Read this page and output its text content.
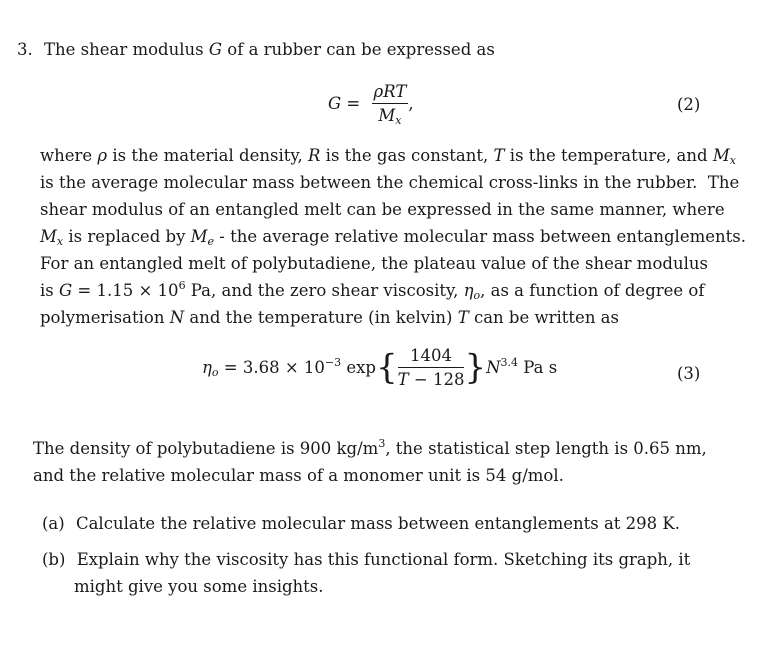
3. The shear modulus G of a rubber can be expressed as
$G = \frac{\text{ρRT}}{M_x}$ ,	(2)
where ρ is the material density, R is the gas constant, T is the temperature, and $M_x$
is the average molecular mass between the chemical cross-links in the rubber.  The
shear modulus of an entangled melt can be expressed in the same manner, where
$M_x$ is replaced by $M_e$ - the average relative molecular mass between entanglements.
For an entangled melt of polybutadiene, the plateau value of the shear modulus
is $G = 1.15 \times 10^6$ Pa, and the zero shear viscosity, $\eta_o$, as a function of degree of
polymerisation N and the temperature (in kelvin) T can be written as
$\eta_o = 3.68 \times 10^{-3}$ $\exp\{ \frac{1404}{T - 128} \}N^{3.4}$ Pa s	(3)
The density of polybutadiene is 900 $kg/m^3$, the statistical step length is 0.65 nm,
and the relative molecular mass of a monomer unit is 54 g/mol.
(a) Calculate the relative molecular mass between entanglements at 298 K.
(b) Explain why the viscosity has this functional form. Sketching its graph, it
might give you some insights.
